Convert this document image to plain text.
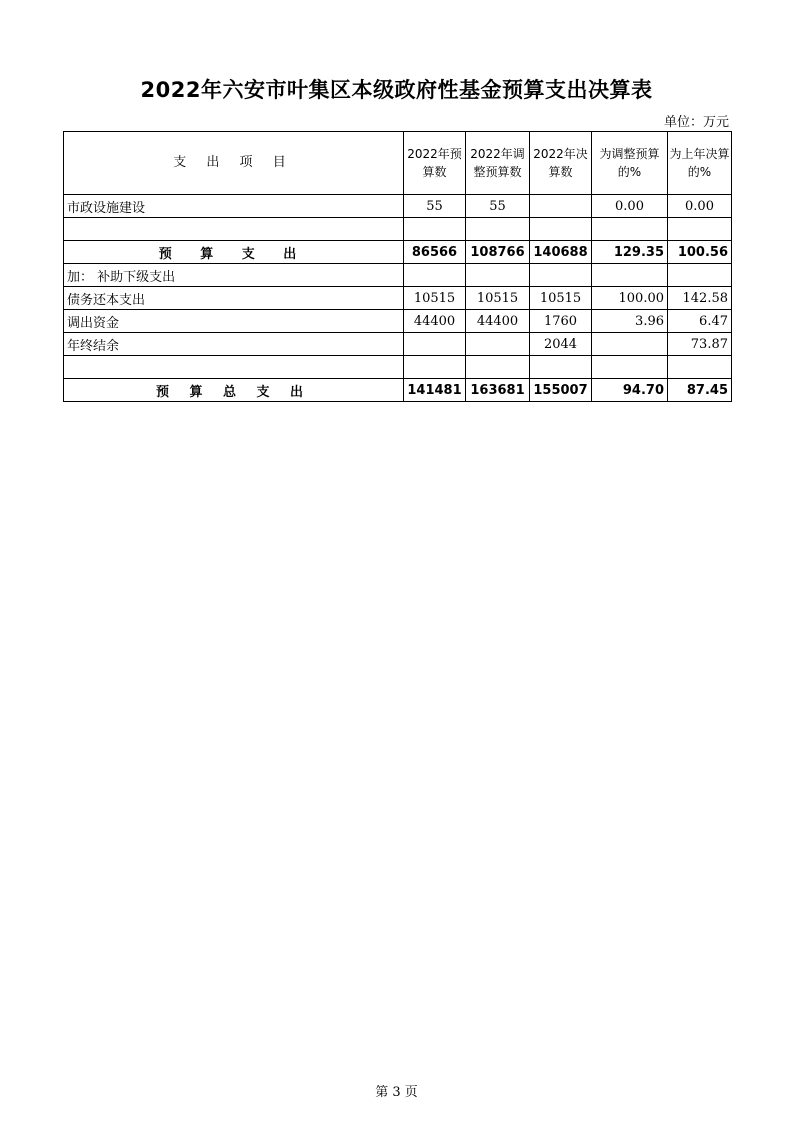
2022年六安市叶集区本级政府性基金预算支出决算表
单位：万元
支 出 项 目	2022年预算数	2022年调整预算数	2022年决算数	为调整预算的%	为上年决算的%
市政设施建设	55	55		0.00	0.00

预 算 支 出	86566	108766	140688	129.35	100.56
加： 补助下级支出					
债务还本支出	10515	10515	10515	100.00	142.58
调出资金	44400	44400	1760	3.96	6.47
年终结余			2044		73.87

预 算 总 支 出	141481	163681	155007	94.70	87.45
第 3 页
